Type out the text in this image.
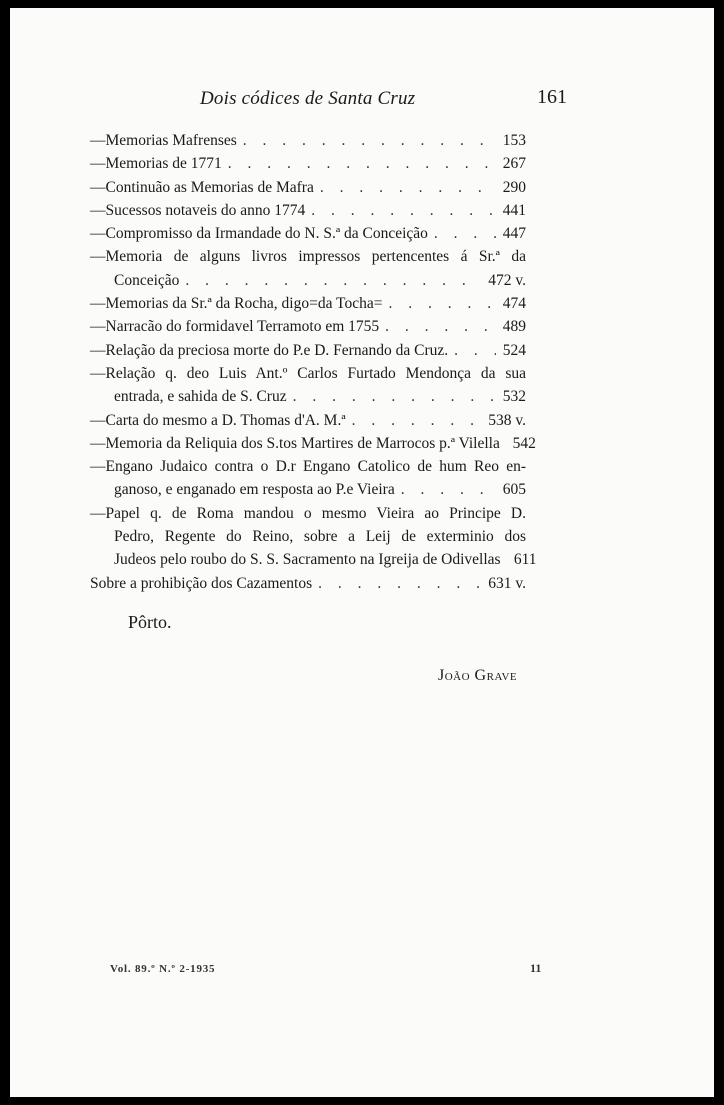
Dois códices de Santa Cruz	161
—Memorias Mafrenses . . .	153
—Memorias de 1771 . . .	267
—Continuão as Memorias de Mafra . . .	290
—Sucessos notaveis do anno 1774 . . .	441
—Compromisso da Irmandade do N. S.ª da Conceição . . .	447
—Memoria de alguns livros impressos pertencentes á Sr.ª da
Conceição . . .	472 v.
—Memorias da Sr.ª da Rocha, digo=da Tocha= . . .	474
—Narracão do formidavel Terramoto em 1755 . . .	489
—Relação da preciosa morte do P.e D. Fernando da Cruz. . . .	524
—Relação q. deo Luis Ant.º Carlos Furtado Mendonça da sua
entrada, e sahida de S. Cruz . . .	532
—Carta do mesmo a D. Thomas d'A. M.ª . . .	538 v.
—Memoria da Reliquia dos S.tos Martires de Marrocos p.ª Vilella 542
—Engano Judaico contra o D.r Engano Catolico de hum Reo en-
ganoso, e enganado em resposta ao P.e Vieira . . .	605
—Papel q. de Roma mandou o mesmo Vieira ao Principe D.
Pedro, Regente do Reino, sobre a Leij de exterminio dos
Judeos pelo roubo do S. S. Sacramento na Igreija de Odivellas 611
Sobre a prohibição dos Cazamentos . . .	631 v.
Pôrto.
João Grave
Vol. 89.º N.º 2-1935	11
